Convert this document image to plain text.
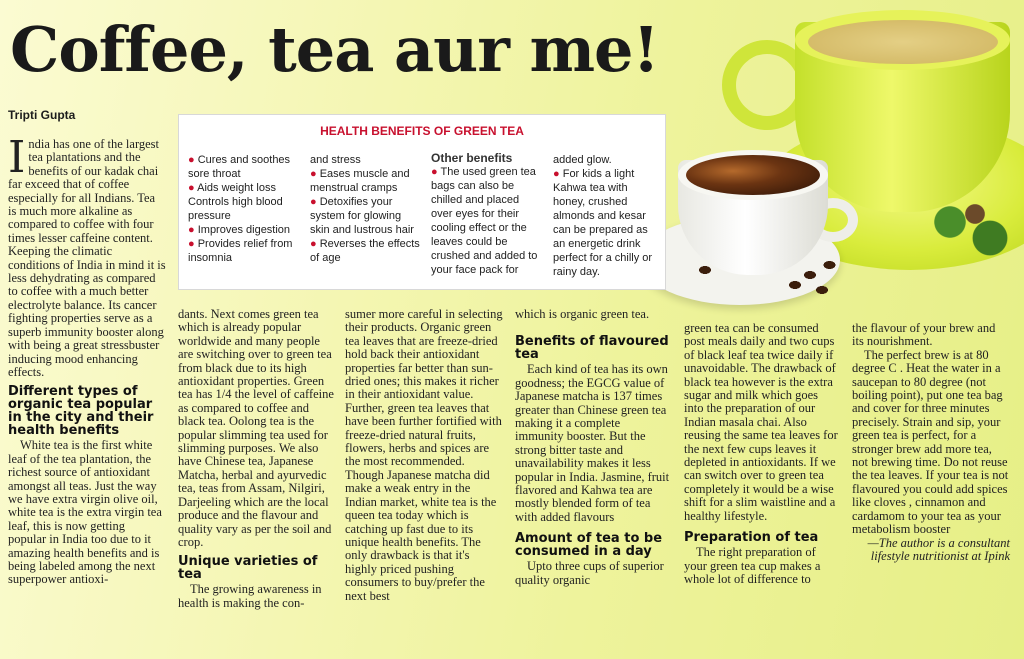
Coffee, tea aur me!
Tripti Gupta
HEALTH BENEFITS OF GREEN TEA
● Cures and soothes sore throat
● Aids weight loss Controls high blood pressure
● Improves digestion
● Provides relief from insomnia
and stress
● Eases muscle and menstrual cramps
● Detoxifies your system for glowing skin and lustrous hair
● Reverses the effects of age
Other benefits
● The used green tea bags can also be chilled and placed over eyes for their cooling effect or the leaves could be crushed and added to your face pack for
added glow.
● For kids a light Kahwa tea with honey, crushed almonds and kesar can be prepared as an energetic drink perfect for a chilly or rainy day.

India has one of the largest tea plantations and the benefits of our kadak chai far exceed that of coffee especially for all Indians. Tea is much more alkaline as compared to coffee with four times lesser caffeine content. Keeping the climatic conditions of India in mind it is less dehydrating as compared to coffee with a much better electrolyte balance. Its cancer fighting properties serve as a superb immunity booster along with being a great stressbuster inducing mood enhancing effects.

Different types of organic tea popular in the city and their health benefits

White tea is the first white leaf of the tea plantation, the richest source of antioxidant amongst all teas. Just the way we have extra virgin olive oil, white tea is the extra virgin tea leaf, this is now getting popular in India too due to it amazing health benefits and is being labeled among the next superpower antioxi-

dants. Next comes green tea which is already popular worldwide and many people are switching over to green tea from black due to its high antioxidant properties. Green tea has 1/4 the level of caffeine as compared to coffee and black tea. Oolong tea is the popular slimming tea used for slimming purposes. We also have Chinese tea, Japanese Matcha, herbal and ayurvedic tea, teas from Assam, Nilgiri, Darjeeling which are the local produce and the flavour and quality vary as per the soil and crop.

Unique varieties of tea

The growing awareness in health is making the con-

sumer more careful in selecting their products. Organic green tea leaves that are freeze-dried hold back their antioxidant properties far better than sun-dried ones; this makes it richer in their antioxidant value. Further, green tea leaves that have been further fortified with freeze-dried natural fruits, flowers, herbs and spices are the most recommended. Though Japanese matcha did make a weak entry in the Indian market, white tea is the queen tea today which is catching up fast due to its unique health benefits. The only drawback is that it's highly priced pushing consumers to buy/prefer the next best

which is organic green tea.

Benefits of flavoured tea

Each kind of tea has its own goodness; the EGCG value of Japanese matcha is 137 times greater than Chinese green tea making it a complete immunity booster. But the strong bitter taste and unavailability makes it less popular in India. Jasmine, fruit flavored and Kahwa tea are mostly blended form of tea with added flavours

Amount of tea to be consumed in a day

Upto three cups of superior quality organic

green tea can be consumed post meals daily and two cups of black leaf tea twice daily if unavoidable. The drawback of black tea however is the extra sugar and milk which goes into the preparation of our Indian masala chai. Also reusing the same tea leaves for the next few cups leaves it depleted in antioxidants. If we can switch over to green tea completely it would be a wise shift for a slim waistline and a healthy lifestyle.

Preparation of tea

The right preparation of your green tea cup makes a whole lot of difference to

the flavour of your brew and its nourishment.

The perfect brew is at 80 degree C . Heat the water in a saucepan to 80 degree (not boiling point), put one tea bag and cover for three minutes precisely. Strain and sip, your green tea is perfect, for a stronger brew add more tea, not brewing time. Do not reuse the tea leaves. If your tea is not flavoured you could add spices like cloves , cinnamon and cardamom to your tea as your metabolism booster

—The author is a consultant lifestyle nutritionist at Ipink
